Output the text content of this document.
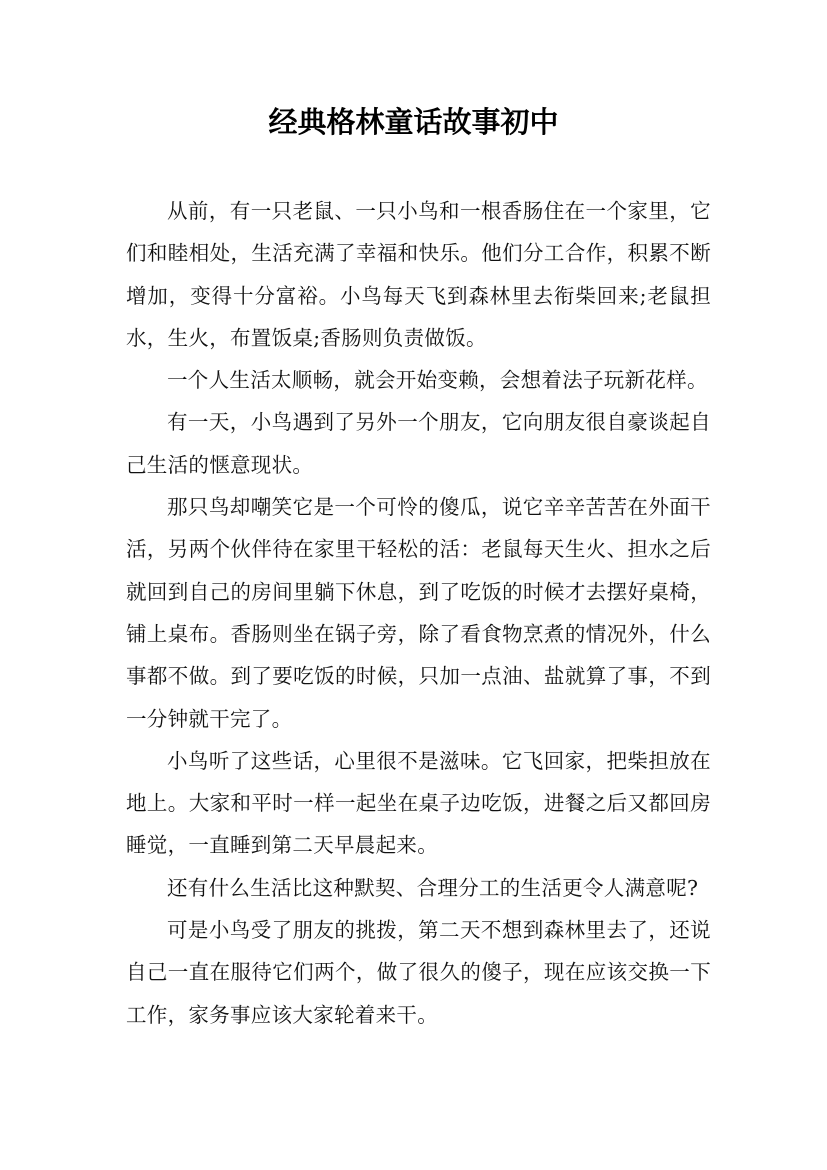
经典格林童话故事初中

从前，有一只老鼠、一只小鸟和一根香肠住在一个家里，它们和睦相处，生活充满了幸福和快乐。他们分工合作，积累不断增加，变得十分富裕。小鸟每天飞到森林里去衔柴回来;老鼠担水，生火，布置饭桌;香肠则负责做饭。

一个人生活太顺畅，就会开始变赖，会想着法子玩新花样。

有一天，小鸟遇到了另外一个朋友，它向朋友很自豪谈起自己生活的惬意现状。

那只鸟却嘲笑它是一个可怜的傻瓜，说它辛辛苦苦在外面干活，另两个伙伴待在家里干轻松的活：老鼠每天生火、担水之后就回到自己的房间里躺下休息，到了吃饭的时候才去摆好桌椅，铺上桌布。香肠则坐在锅子旁，除了看食物烹煮的情况外，什么事都不做。到了要吃饭的时候，只加一点油、盐就算了事，不到一分钟就干完了。

小鸟听了这些话，心里很不是滋味。它飞回家，把柴担放在地上。大家和平时一样一起坐在桌子边吃饭，进餐之后又都回房睡觉，一直睡到第二天早晨起来。

还有什么生活比这种默契、合理分工的生活更令人满意呢?

可是小鸟受了朋友的挑拨，第二天不想到森林里去了，还说自己一直在服待它们两个，做了很久的傻子，现在应该交换一下工作，家务事应该大家轮着来干。
